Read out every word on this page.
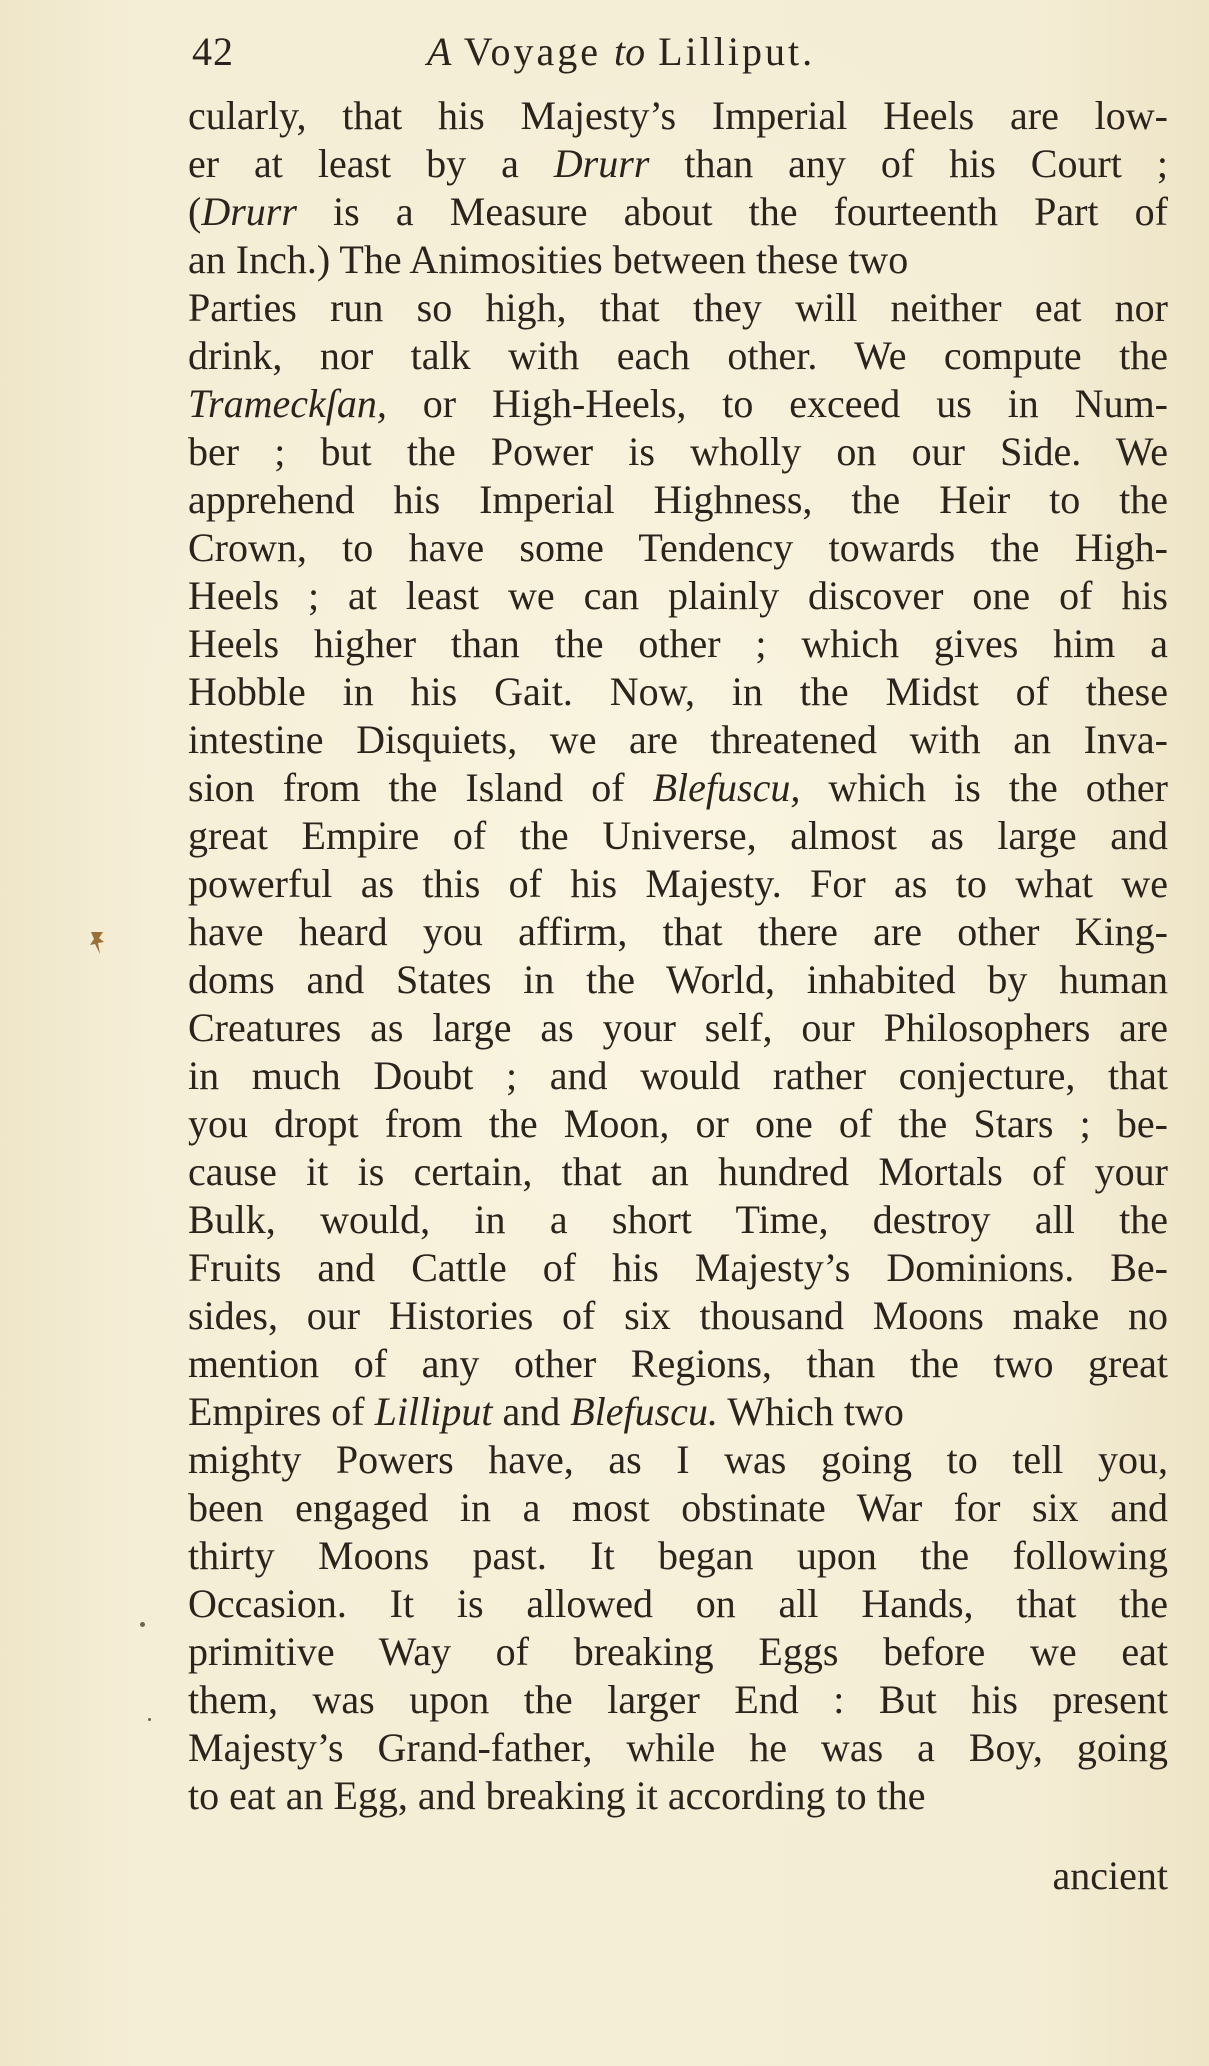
42	A Voyage to Lilliput.
cularly, that his Majesty’s Imperial Heels are low-
er at least by a Drurr than any of his Court ;
(Drurr is a Measure about the fourteenth Part of
an Inch.) The Animosities between these two
Parties run so high, that they will neither eat nor
drink, nor talk with each other. We compute the
Trameckſan, or High-Heels, to exceed us in Num-
ber ; but the Power is wholly on our Side. We
apprehend his Imperial Highness, the Heir to the
Crown, to have some Tendency towards the High-
Heels ; at least we can plainly discover one of his
Heels higher than the other ; which gives him a
Hobble in his Gait. Now, in the Midst of these
intestine Disquiets, we are threatened with an Inva-
sion from the Island of Blefuscu, which is the other
great Empire of the Universe, almost as large and
powerful as this of his Majesty. For as to what we
have heard you affirm, that there are other King-
doms and States in the World, inhabited by human
Creatures as large as your self, our Philosophers are
in much Doubt ; and would rather conjecture, that
you dropt from the Moon, or one of the Stars ; be-
cause it is certain, that an hundred Mortals of your
Bulk, would, in a short Time, destroy all the
Fruits and Cattle of his Majesty’s Dominions. Be-
sides, our Histories of six thousand Moons make no
mention of any other Regions, than the two great
Empires of Lilliput and Blefuscu. Which two
mighty Powers have, as I was going to tell you,
been engaged in a most obstinate War for six and
thirty Moons past. It began upon the following
Occasion. It is allowed on all Hands, that the
primitive Way of breaking Eggs before we eat
them, was upon the larger End : But his present
Majesty’s Grand-father, while he was a Boy, going
to eat an Egg, and breaking it according to the
ancient
